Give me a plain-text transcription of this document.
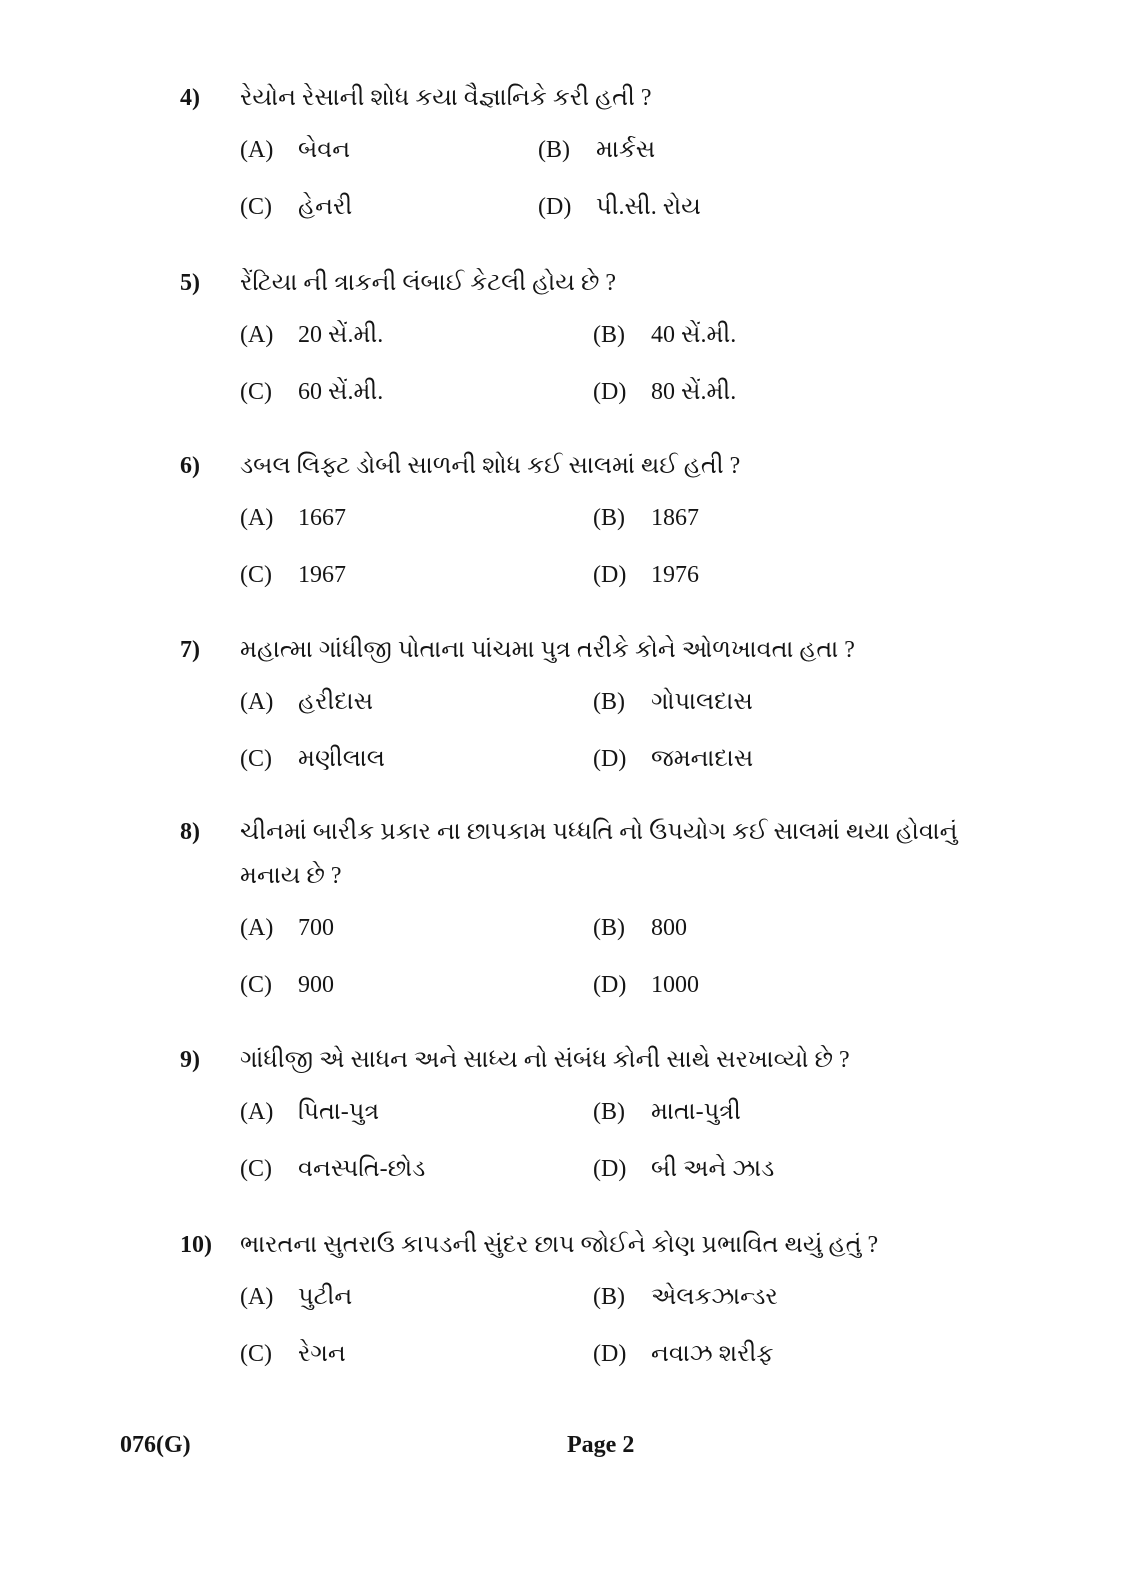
4) રેયોન રેસાની શોધ કયા વૈજ્ઞાનિકે કરી હતી ?

(A) બેવન	(B) માર્કસ
(C) હેનરી	(D) પી.સી. રોય
5) રેંટિયા ની ત્રાકની લંબાઈ કેટલી હોય છે ?

(A) 20 સેં.મી.	(B) 40 સેં.મી.
(C) 60 સેં.મી.	(D) 80 સેં.મી.
6) ડબલ લિફ્ટ ડોબી સાળની શોધ કઈ સાલમાં થઈ હતી ?

(A) 1667	(B) 1867
(C) 1967	(D) 1976
7) મહાત્મા ગાંધીજી પોતાના પાંચમા પુત્ર તરીકે કોને ઓળખાવતા હતા ?

(A) હરીદાસ	(B) ગોપાલદાસ
(C) મણીલાલ	(D) જમનાદાસ
8) ચીનમાં બારીક પ્રકાર ના છાપકામ પધ્ધતિ નો ઉપયોગ કઈ સાલમાં થયા હોવાનું
મનાય છે ?

(A) 700	(B) 800
(C) 900	(D) 1000
9) ગાંધીજી એ સાધન અને સાધ્ય નો સંબંધ કોની સાથે સરખાવ્યો છે ?

(A) પિતા-પુત્ર	(B) માતા-પુત્રી
(C) વનસ્પતિ-છોડ	(D) બી અને ઝાડ
10) ભારતના સુતરાઉ કાપડની સુંદર છાપ જોઈને કોણ પ્રભાવિત થયું હતું ?

(A) પુટીન	(B) એલકઝાન્ડર
(C) રેગન	(D) નવાઝ શરીફ
076(G)	Page 2
